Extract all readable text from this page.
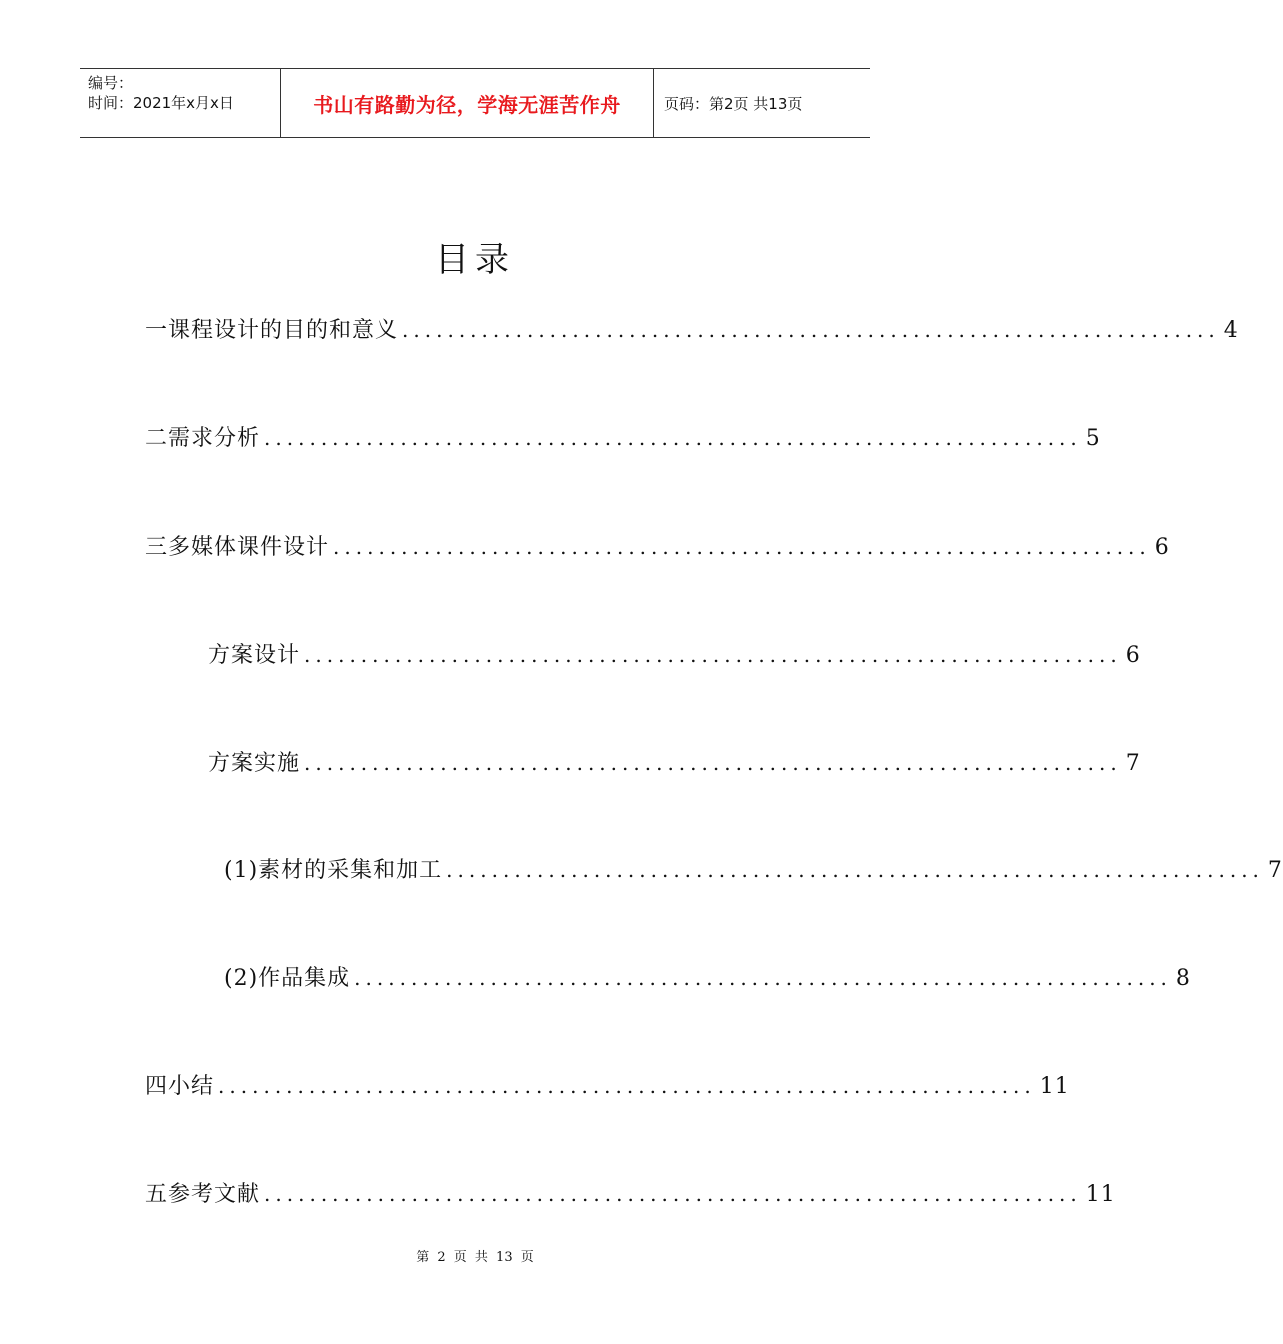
编号：
时间：2021年x月x日	书山有路勤为径，学海无涯苦作舟	页码：第2页 共13页
目录
一 课程设计的目的和意义 ........................................................................ 4
二 需求分析 ........................................................................ 5
三 多媒体课件设计 ........................................................................ 6
方案设计 ........................................................................ 6
方案实施 ........................................................................ 7
(1)素材的采集和加工 ........................................................................ 7
(2)作品集成 ........................................................................ 8
四 小结 ........................................................................ 11
五 参考文献 ........................................................................ 11
第 2 页 共 13 页
